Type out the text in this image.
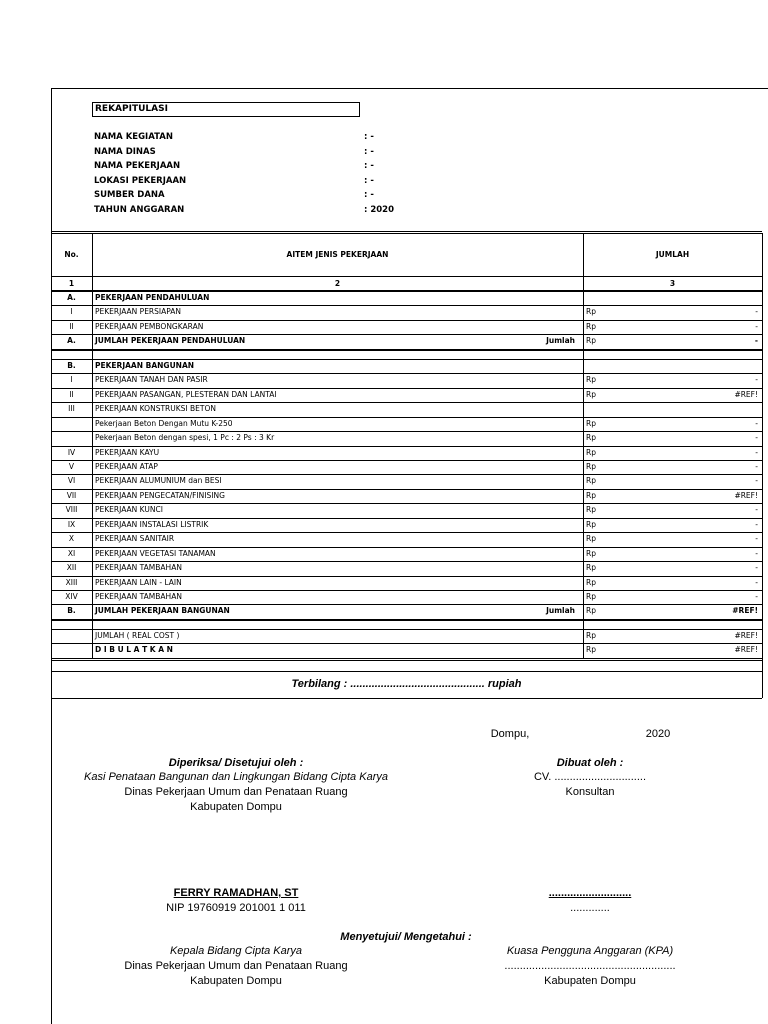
REKAPITULASI
NAMA KEGIATAN	: -
NAMA DINAS	: -
NAMA PEKERJAAN	: -
LOKASI PEKERJAAN	: -
SUMBER DANA	: -
TAHUN ANGGARAN	: 2020
No.	AITEM JENIS PEKERJAAN	JUMLAH
1	2	3
A.	PEKERJAAN PENDAHULUAN
I	PEKERJAAN PERSIAPAN	Rp	-
II	PEKERJAAN PEMBONGKARAN	Rp	-
A.	JUMLAH PEKERJAAN PENDAHULUAN	Jumlah Rp	-
B.	PEKERJAAN BANGUNAN
I	PEKERJAAN TANAH DAN PASIR	Rp	-
II	PEKERJAAN PASANGAN, PLESTERAN DAN LANTAI	Rp	#REF!
III	PEKERJAAN KONSTRUKSI BETON
Pekerjaan Beton Dengan Mutu K-250	Rp	-
Pekerjaan Beton dengan spesi, 1 Pc : 2 Ps : 3 Kr	Rp	-
IV	PEKERJAAN KAYU	Rp	-
V	PEKERJAAN ATAP	Rp	-
VI	PEKERJAAN ALUMUNIUM dan BESI	Rp	-
VII	PEKERJAAN PENGECATAN/FINISING	Rp	#REF!
VIII	PEKERJAAN KUNCI	Rp	-
IX	PEKERJAAN INSTALASI LISTRIK	Rp	-
X	PEKERJAAN SANITAIR	Rp	-
XI	PEKERJAAN VEGETASI TANAMAN	Rp	-
XII	PEKERJAAN TAMBAHAN	Rp	-
XIII	PEKERJAAN LAIN - LAIN	Rp	-
XIV	PEKERJAAN TAMBAHAN	Rp	-
B.	JUMLAH PEKERJAAN BANGUNAN	Jumlah Rp	#REF!
JUMLAH ( REAL COST )	Rp	#REF!
D I B U L A T K A N	Rp	#REF!
Terbilang : ............................................ rupiah
Dompu,	2020
Diperiksa/ Disetujui oleh :
Kasi Penataan Bangunan dan Lingkungan Bidang Cipta Karya
Dinas Pekerjaan Umum dan Penataan Ruang
Kabupaten Dompu
Dibuat oleh :
CV. ..............................
Konsultan
FERRY RAMADHAN, ST
NIP 19760919 201001 1 011
...........................
.............
Menyetujui/ Mengetahui :
Kepala Bidang Cipta Karya
Dinas Pekerjaan Umum dan Penataan Ruang
Kabupaten Dompu
Kuasa Pengguna Anggaran (KPA)
........................................................
Kabupaten Dompu
